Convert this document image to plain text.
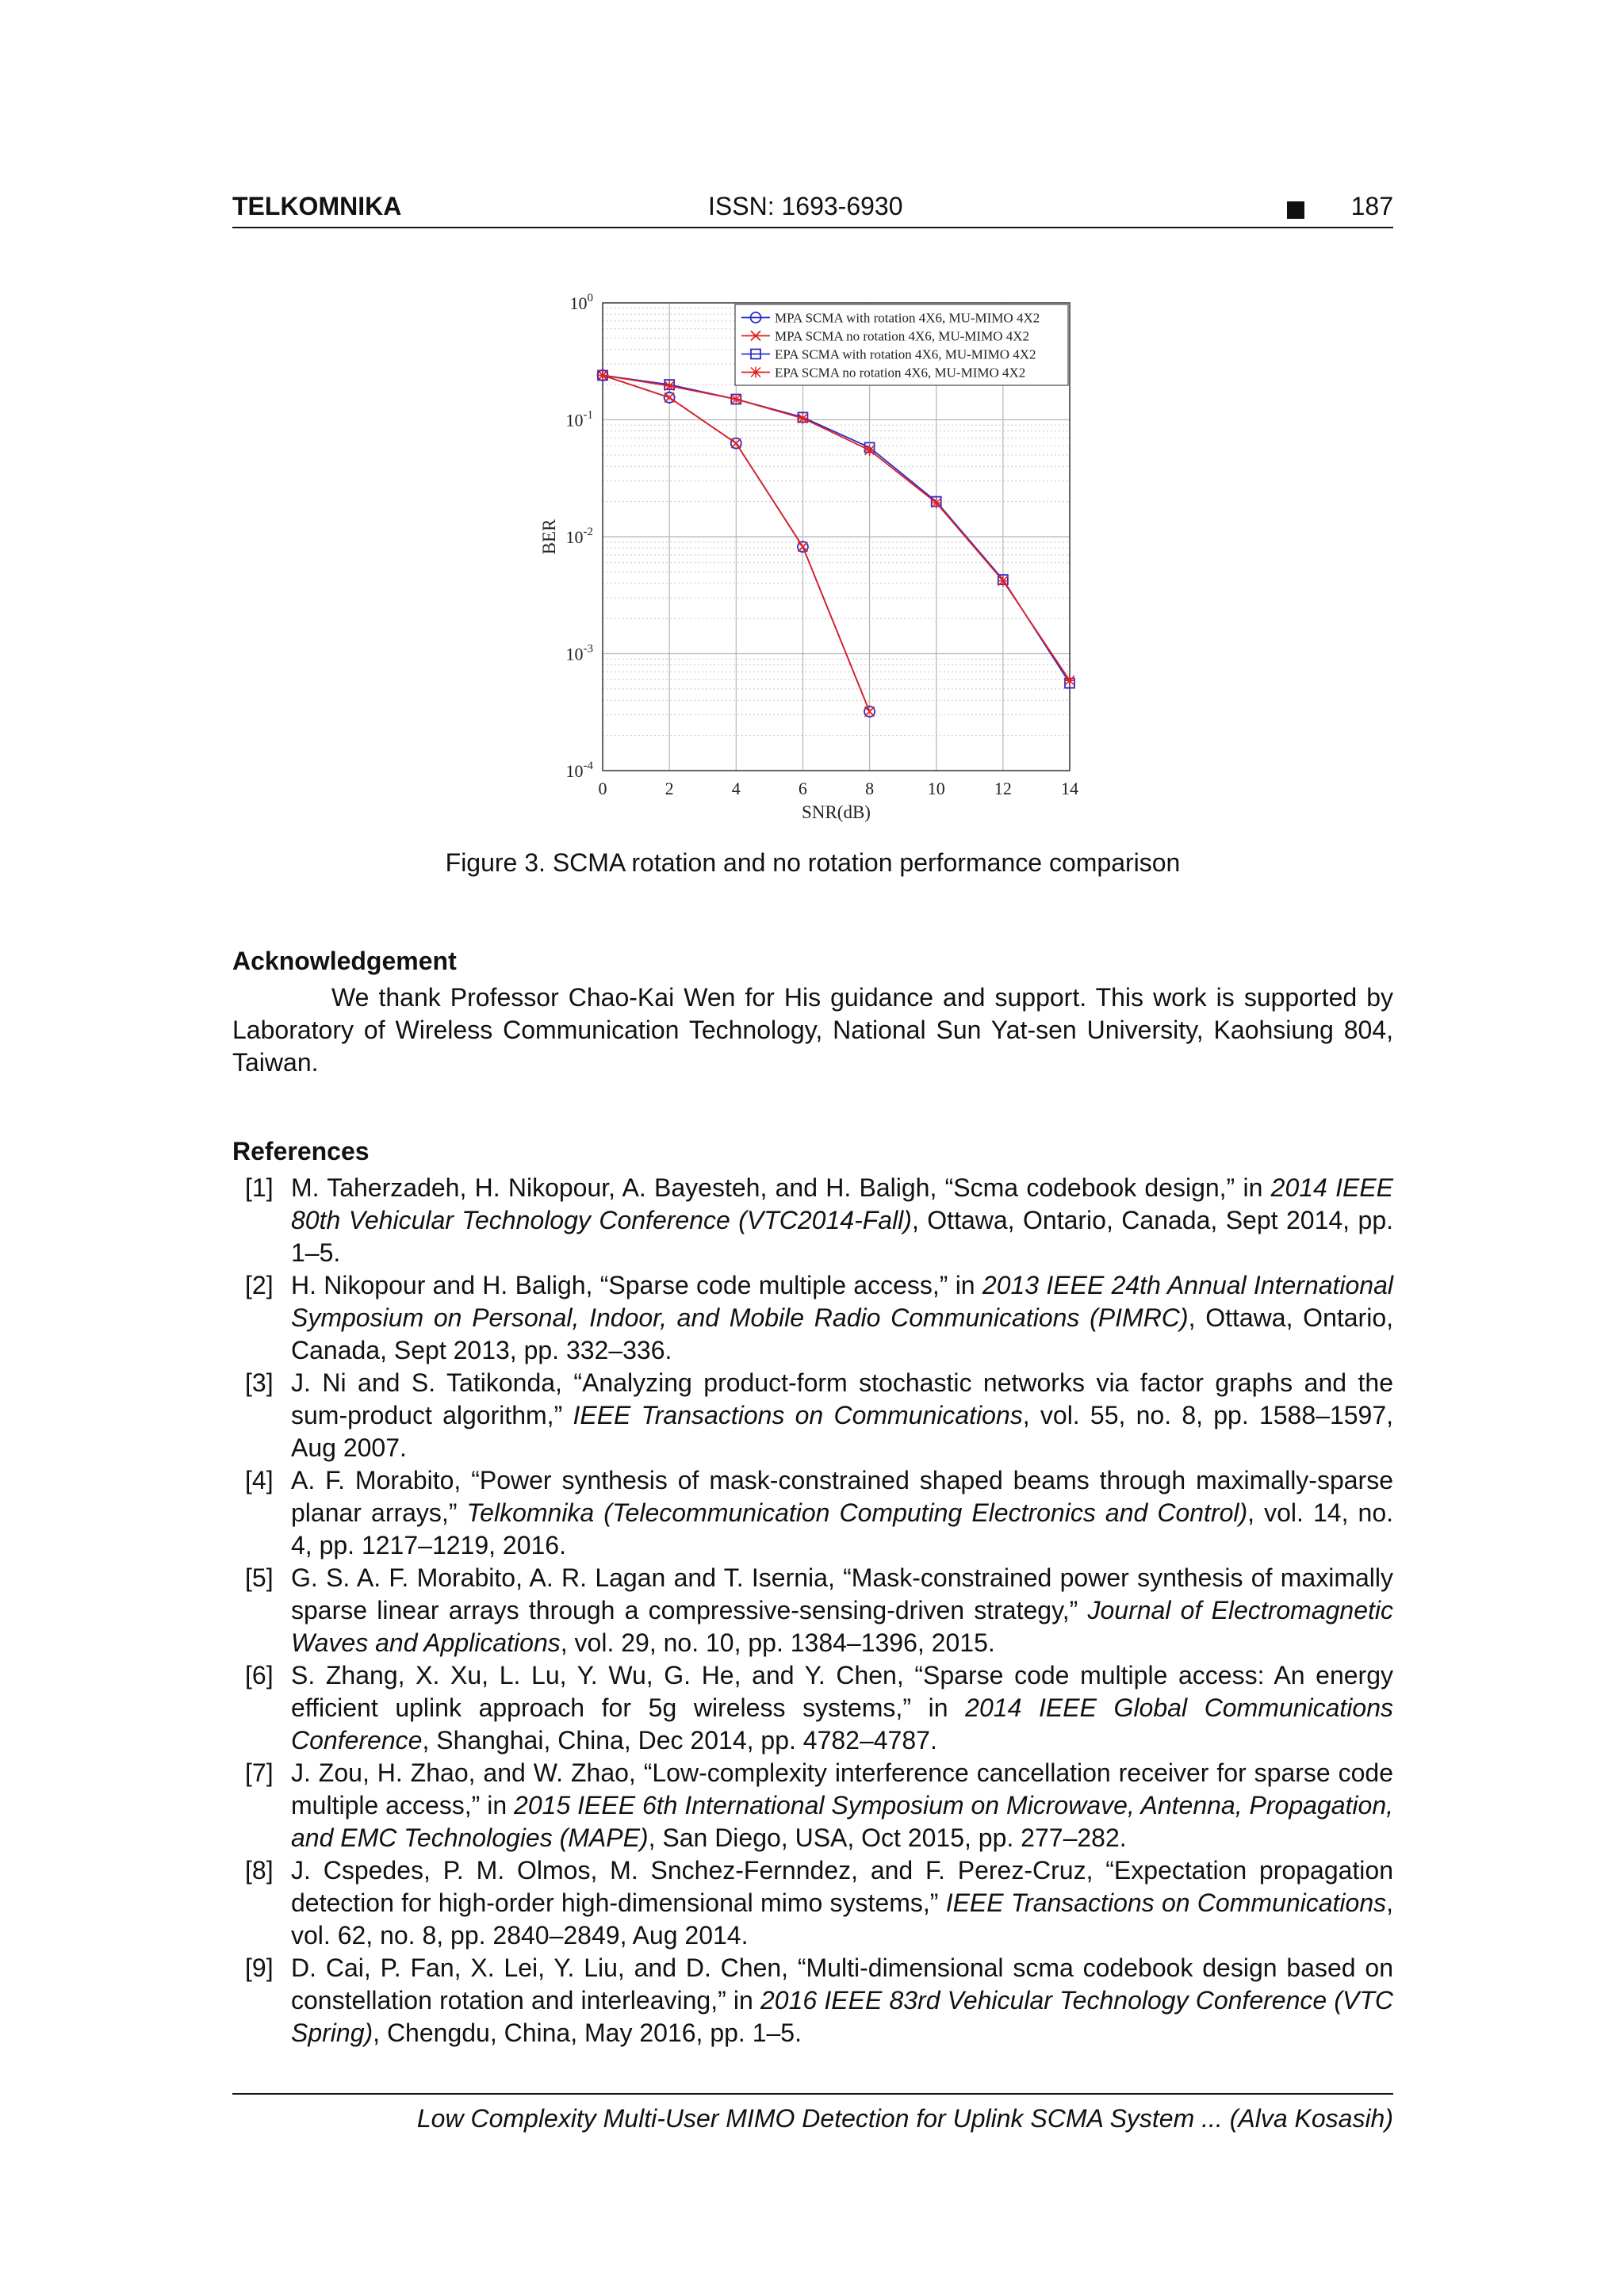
TELKOMNIKA	ISSN: 1693-6930	187
0	2	4	6	8	10	12	14
$10^0$
$10^{-1}$
$10^{-2}$
$10^{-3}$
$10^{-4}$
SNR(dB)
BER
MPA SCMA with rotation 4X6, MU-MIMO 4X2
MPA SCMA no rotation 4X6, MU-MIMO 4X2
EPA SCMA with rotation 4X6, MU-MIMO 4X2
EPA SCMA no rotation 4X6, MU-MIMO 4X2
Figure 3. SCMA rotation and no rotation performance comparison
Acknowledgement

We thank Professor Chao-Kai Wen for His guidance and support. This work is supported by Laboratory of Wireless Communication Technology, National Sun Yat-sen University, Kaohsiung 804, Taiwan.

References
[1] M. Taherzadeh, H. Nikopour, A. Bayesteh, and H. Baligh, “Scma codebook design,” in 2014 IEEE 80th Vehicular Technology Conference (VTC2014-Fall), Ottawa, Ontario, Canada, Sept 2014, pp. 1–5.
[2] H. Nikopour and H. Baligh, “Sparse code multiple access,” in 2013 IEEE 24th Annual International Symposium on Personal, Indoor, and Mobile Radio Communications (PIMRC), Ottawa, Ontario, Canada, Sept 2013, pp. 332–336.
[3] J. Ni and S. Tatikonda, “Analyzing product-form stochastic networks via factor graphs and the sum-product algorithm,” IEEE Transactions on Communications, vol. 55, no. 8, pp. 1588–1597, Aug 2007.
[4] A. F. Morabito, “Power synthesis of mask-constrained shaped beams through maximally-sparse planar arrays,” Telkomnika (Telecommunication Computing Electronics and Control), vol. 14, no. 4, pp. 1217–1219, 2016.
[5] G. S. A. F. Morabito, A. R. Lagan and T. Isernia, “Mask-constrained power synthesis of maximally sparse linear arrays through a compressive-sensing-driven strategy,” Journal of Electromagnetic Waves and Applications, vol. 29, no. 10, pp. 1384–1396, 2015.
[6] S. Zhang, X. Xu, L. Lu, Y. Wu, G. He, and Y. Chen, “Sparse code multiple access: An energy efficient uplink approach for 5g wireless systems,” in 2014 IEEE Global Communications Conference, Shanghai, China, Dec 2014, pp. 4782–4787.
[7] J. Zou, H. Zhao, and W. Zhao, “Low-complexity interference cancellation receiver for sparse code multiple access,” in 2015 IEEE 6th International Symposium on Microwave, Antenna, Propagation, and EMC Technologies (MAPE), San Diego, USA, Oct 2015, pp. 277–282.
[8] J. Cspedes, P. M. Olmos, M. Snchez-Fernndez, and F. Perez-Cruz, “Expectation propagation detection for high-order high-dimensional mimo systems,” IEEE Transactions on Communications, vol. 62, no. 8, pp. 2840–2849, Aug 2014.
[9] D. Cai, P. Fan, X. Lei, Y. Liu, and D. Chen, “Multi-dimensional scma codebook design based on constellation rotation and interleaving,” in 2016 IEEE 83rd Vehicular Technology Conference (VTC Spring), Chengdu, China, May 2016, pp. 1–5.
Low Complexity Multi-User MIMO Detection for Uplink SCMA System ... (Alva Kosasih)
